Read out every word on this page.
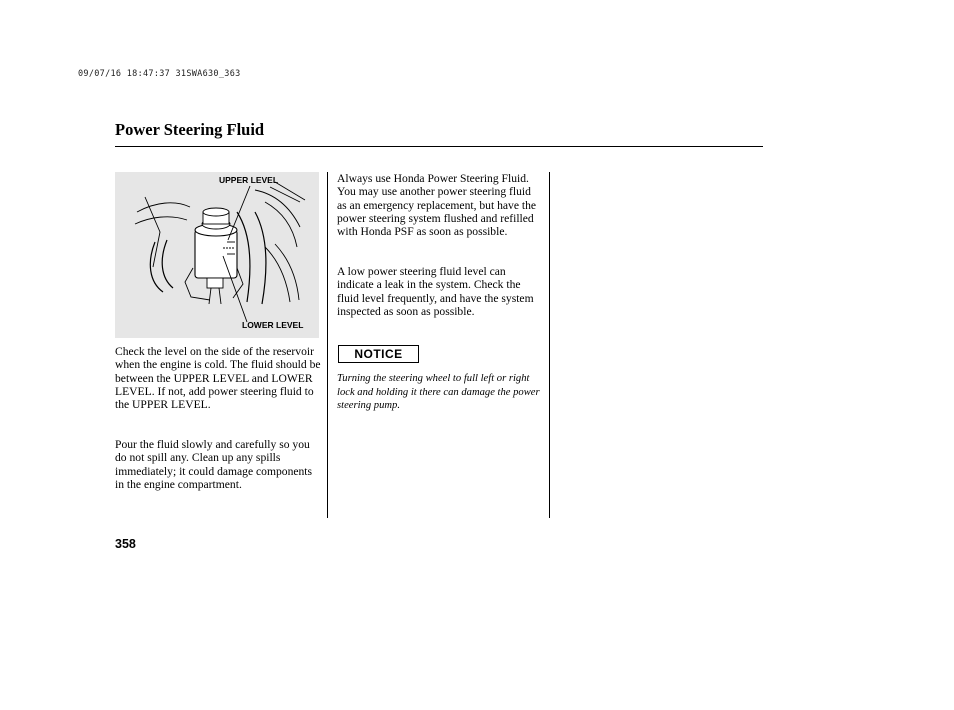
09/07/16 18:47:37 31SWA630_363
Power Steering Fluid
UPPER LEVEL
LOWER LEVEL

Check the level on the side of the reservoir when the engine is cold. The fluid should be between the UPPER LEVEL and LOWER LEVEL. If not, add power steering fluid to the UPPER LEVEL.

Pour the fluid slowly and carefully so you do not spill any. Clean up any spills immediately; it could damage components in the engine compartment.

Always use Honda Power Steering Fluid. You may use another power steering fluid as an emergency replacement, but have the power steering system flushed and refilled with Honda PSF as soon as possible.

A low power steering fluid level can indicate a leak in the system. Check the fluid level frequently, and have the system inspected as soon as possible.

NOTICE

Turning the steering wheel to full left or right lock and holding it there can damage the power steering pump.

358
